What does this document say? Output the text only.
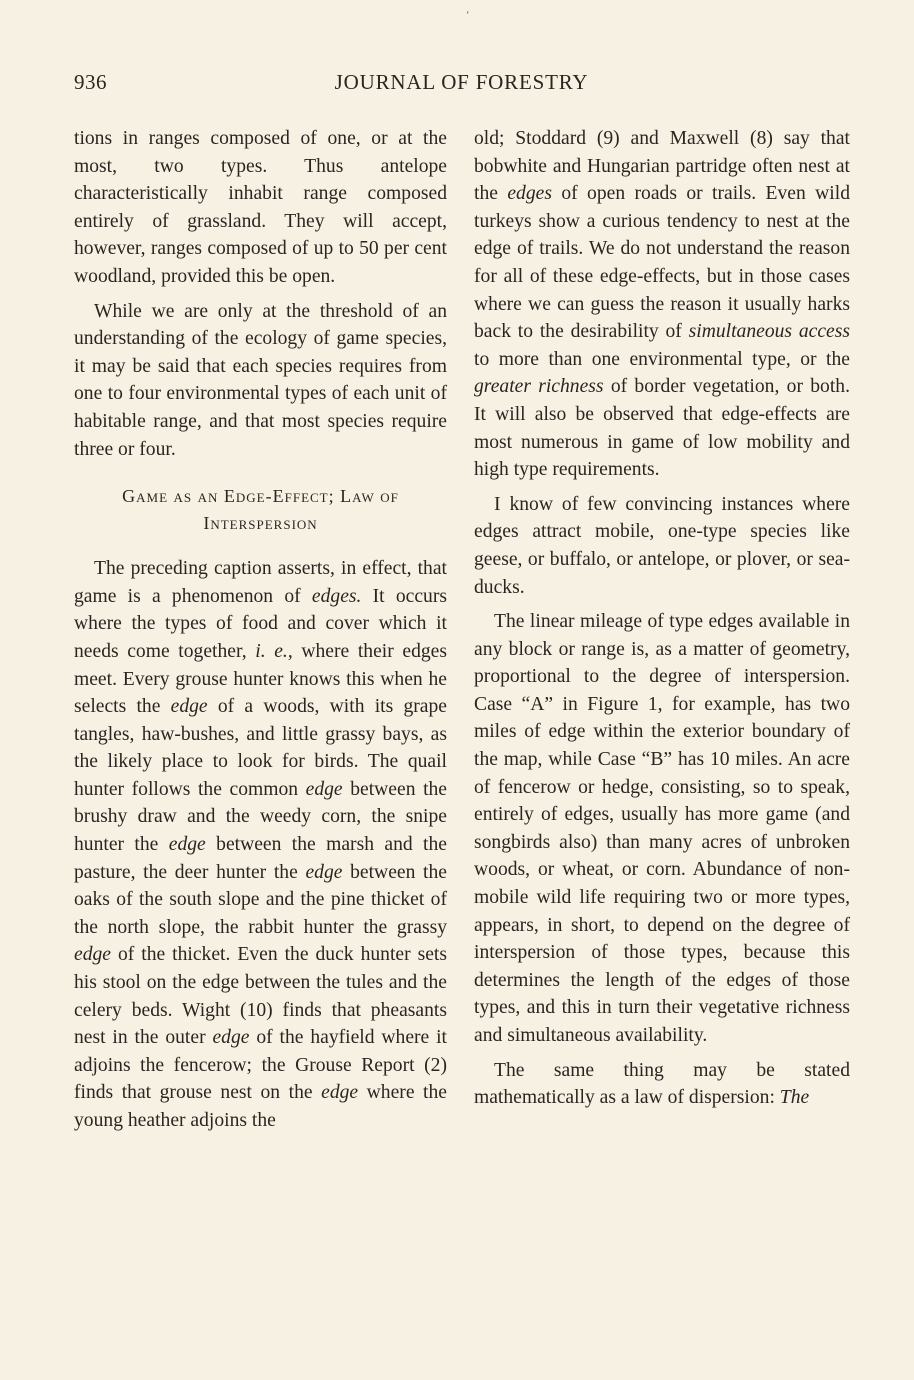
‘
936	JOURNAL OF FORESTRY

tions in ranges composed of one, or at the most, two types. Thus antelope characteristically inhabit range composed entirely of grassland. They will accept, however, ranges composed of up to 50 per cent woodland, provided this be open.

While we are only at the threshold of an understanding of the ecology of game species, it may be said that each species requires from one to four environmental types of each unit of habitable range, and that most species require three or four.

Game as an Edge-Effect; Law of Interspersion

The preceding caption asserts, in effect, that game is a phenomenon of edges. It occurs where the types of food and cover which it needs come together, i. e., where their edges meet. Every grouse hunter knows this when he selects the edge of a woods, with its grape tangles, haw-bushes, and little grassy bays, as the likely place to look for birds. The quail hunter follows the common edge between the brushy draw and the weedy corn, the snipe hunter the edge between the marsh and the pasture, the deer hunter the edge between the oaks of the south slope and the pine thicket of the north slope, the rabbit hunter the grassy edge of the thicket. Even the duck hunter sets his stool on the edge between the tules and the celery beds. Wight (10) finds that pheasants nest in the outer edge of the hayfield where it adjoins the fencerow; the Grouse Report (2) finds that grouse nest on the edge where the young heather adjoins the

old; Stoddard (9) and Maxwell (8) say that bobwhite and Hungarian partridge often nest at the edges of open roads or trails. Even wild turkeys show a curious tendency to nest at the edge of trails. We do not understand the reason for all of these edge-effects, but in those cases where we can guess the reason it usually harks back to the desirability of simultaneous access to more than one environmental type, or the greater richness of border vegetation, or both. It will also be observed that edge-effects are most numerous in game of low mobility and high type requirements.

I know of few convincing instances where edges attract mobile, one-type species like geese, or buffalo, or antelope, or plover, or sea-ducks.

The linear mileage of type edges available in any block or range is, as a matter of geometry, proportional to the degree of interspersion. Case “A” in Figure 1, for example, has two miles of edge within the exterior boundary of the map, while Case “B” has 10 miles. An acre of fencerow or hedge, consisting, so to speak, entirely of edges, usually has more game (and songbirds also) than many acres of unbroken woods, or wheat, or corn. Abundance of non-mobile wild life requiring two or more types, appears, in short, to depend on the degree of interspersion of those types, because this determines the length of the edges of those types, and this in turn their vegetative richness and simultaneous availability.

The same thing may be stated mathematically as a law of dispersion: The
